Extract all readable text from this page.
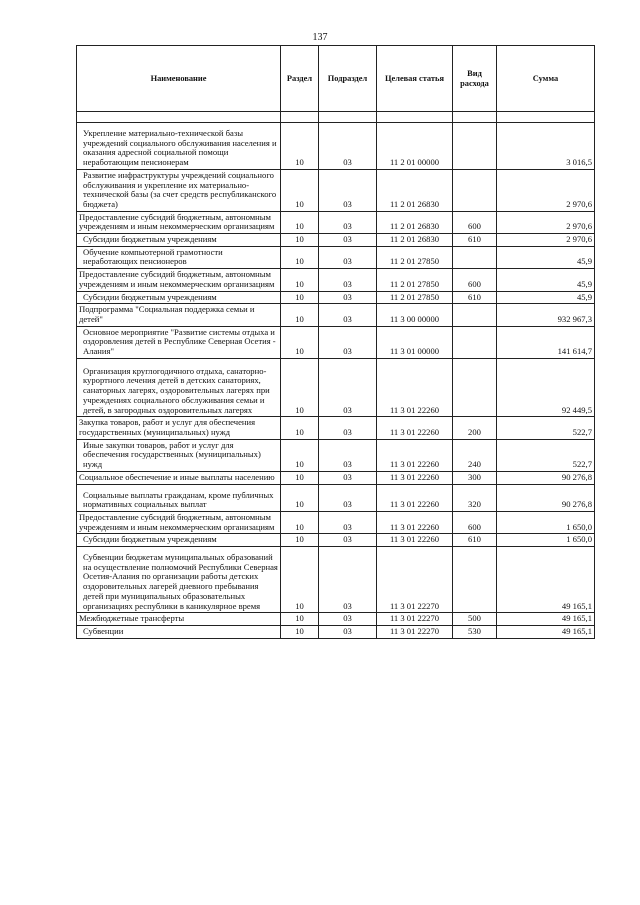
137
Наименование	Раздел	Подраздел	Целевая статья	Вид расхода	Сумма

Укрепление материально-технической базы учреждений социального обслуживания населения и оказания адресной социальной помощи неработающим пенсионерам	10	03	11 2 01 00000		3 016,5
Развитие инфраструктуры учреждений социального обслуживания и укрепление их материально-технической базы (за счет средств республиканского бюджета)	10	03	11 2 01 26830		2 970,6
Предоставление субсидий бюджетным, автономным учреждениям и иным некоммерческим организациям	10	03	11 2 01 26830	600	2 970,6
Субсидии бюджетным учреждениям	10	03	11 2 01 26830	610	2 970,6
Обучение компьютерной грамотности неработающих пенсионеров	10	03	11 2 01 27850		45,9
Предоставление субсидий бюджетным, автономным учреждениям и иным некоммерческим организациям	10	03	11 2 01 27850	600	45,9
Субсидии бюджетным учреждениям	10	03	11 2 01 27850	610	45,9
Подпрограмма "Социальная поддержка семьи и детей"	10	03	11 3 00 00000		932 967,3
Основное мероприятие "Развитие системы отдыха и оздоровления детей в Республике Северная Осетия - Алания"	10	03	11 3 01 00000		141 614,7
Организация круглогодичного отдыха, санаторно-курортного лечения детей в детских санаториях, санаторных лагерях, оздоровительных лагерях при учреждениях социального обслуживания семьи и детей, в загородных оздоровительных лагерях	10	03	11 3 01 22260		92 449,5
Закупка товаров, работ и услуг для обеспечения государственных (муниципальных) нужд	10	03	11 3 01 22260	200	522,7
Иные закупки товаров, работ и услуг для обеспечения государственных (муниципальных) нужд	10	03	11 3 01 22260	240	522,7
Социальное обеспечение и иные выплаты населению	10	03	11 3 01 22260	300	90 276,8
Социальные выплаты гражданам, кроме публичных нормативных социальных выплат	10	03	11 3 01 22260	320	90 276,8
Предоставление субсидий бюджетным, автономным учреждениям и иным некоммерческим организациям	10	03	11 3 01 22260	600	1 650,0
Субсидии бюджетным учреждениям	10	03	11 3 01 22260	610	1 650,0
Субвенции бюджетам муниципальных образований на осуществление полномочий Республики Северная Осетия-Алания по организации работы детских оздоровительных лагерей дневного пребывания детей при муниципальных образовательных организациях республики в каникулярное время	10	03	11 3 01 22270		49 165,1
Межбюджетные трансферты	10	03	11 3 01 22270	500	49 165,1
Субвенции	10	03	11 3 01 22270	530	49 165,1
